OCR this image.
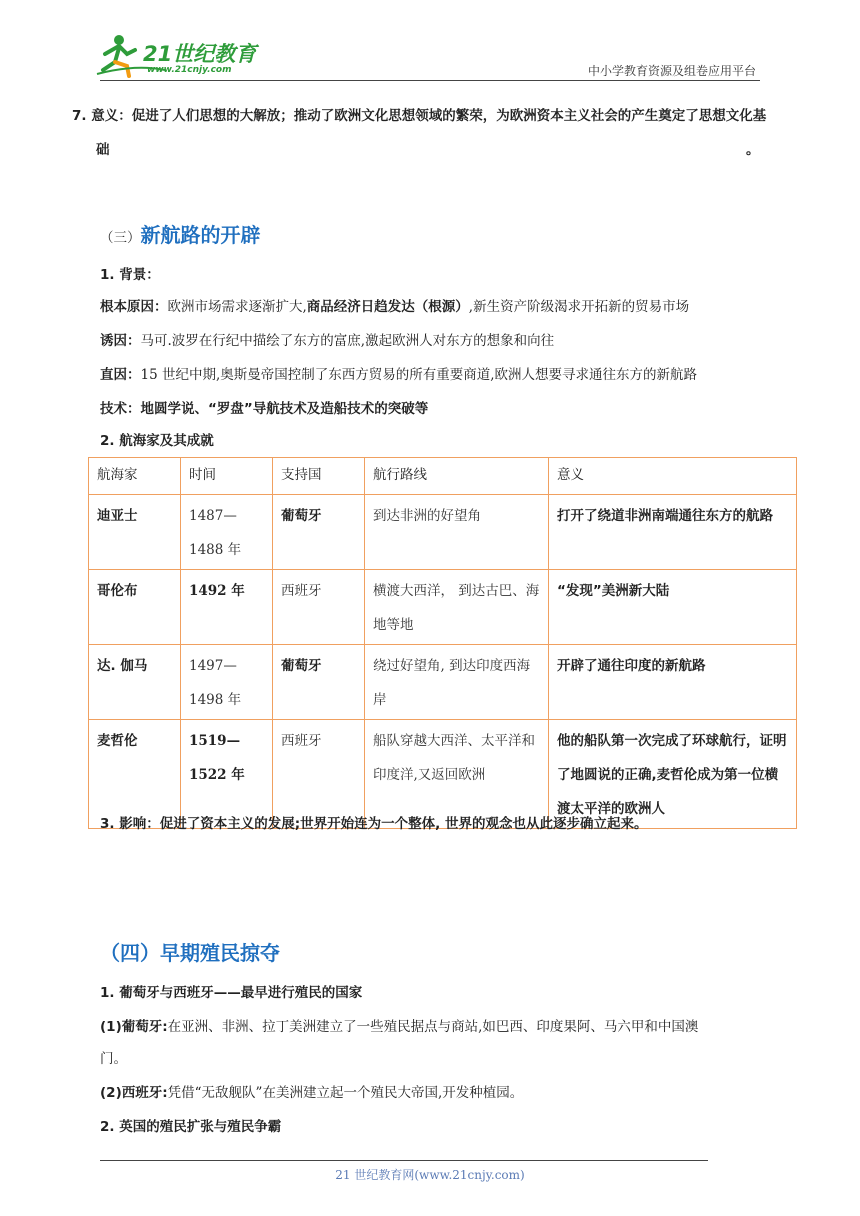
21世纪教育
www.21cnjy.com	中小学教育资源及组卷应用平台
7. 意义：促进了人们思想的大解放；推动了欧洲文化思想领域的繁荣，为欧洲资本主义社会的产生奠定了思想文化基
础	。
（三）新航路的开辟
1. 背景：
根本原因：欧洲市场需求逐渐扩大,商品经济日趋发达（根源）,新生资产阶级渴求开拓新的贸易市场
诱因：马可.波罗在行纪中描绘了东方的富庶,激起欧洲人对东方的想象和向往
直因：15 世纪中期,奥斯曼帝国控制了东西方贸易的所有重要商道,欧洲人想要寻求通往东方的新航路
技术：地圆学说、“罗盘”导航技术及造船技术的突破等
2. 航海家及其成就
航海家	时间	支持国	航行路线	意义
迪亚士	1487—1488 年	葡萄牙	到达非洲的好望角	打开了绕道非洲南端通往东方的航路
哥伦布	1492 年	西班牙	横渡大西洋， 到达古巴、海地等地	“发现”美洲新大陆
达. 伽马	1497—1498 年	葡萄牙	绕过好望角, 到达印度西海岸	开辟了通往印度的新航路
麦哲伦	1519—1522 年	西班牙	船队穿越大西洋、太平洋和印度洋,又返回欧洲	他的船队第一次完成了环球航行，证明了地圆说的正确,麦哲伦成为第一位横渡太平洋的欧洲人
3. 影响：促进了资本主义的发展;世界开始连为一个整体, 世界的观念也从此逐步确立起来。
（四）早期殖民掠夺
1. 葡萄牙与西班牙——最早进行殖民的国家
(1)葡萄牙:在亚洲、非洲、拉丁美洲建立了一些殖民据点与商站,如巴西、印度果阿、马六甲和中国澳
门。
(2)西班牙:凭借“无敌舰队”在美洲建立起一个殖民大帝国,开发种植园。
2. 英国的殖民扩张与殖民争霸
21 世纪教育网(www.21cnjy.com)
